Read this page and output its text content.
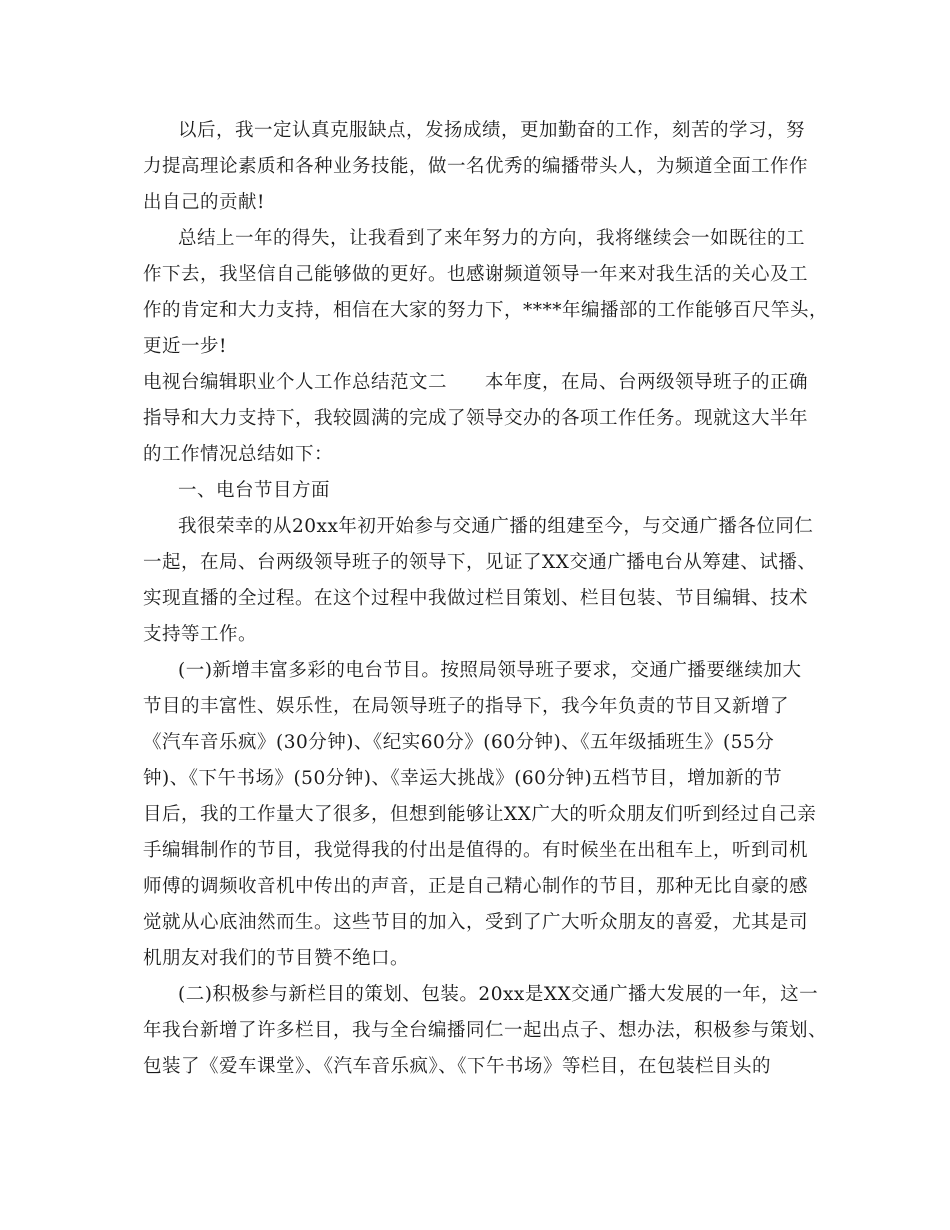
以后，我一定认真克服缺点，发扬成绩，更加勤奋的工作，刻苦的学习，努
力提高理论素质和各种业务技能，做一名优秀的编播带头人，为频道全面工作作
出自己的贡献!
总结上一年的得失，让我看到了来年努力的方向，我将继续会一如既往的工
作下去，我坚信自己能够做的更好。也感谢频道领导一年来对我生活的关心及工
作的肯定和大力支持，相信在大家的努力下，****年编播部的工作能够百尺竿头，
更近一步!
电视台编辑职业个人工作总结范文二　　本年度，在局、台两级领导班子的正确
指导和大力支持下，我较圆满的完成了领导交办的各项工作任务。现就这大半年
的工作情况总结如下：
一、电台节目方面
我很荣幸的从20xx年初开始参与交通广播的组建至今，与交通广播各位同仁
一起，在局、台两级领导班子的领导下，见证了XX交通广播电台从筹建、试播、
实现直播的全过程。在这个过程中我做过栏目策划、栏目包装、节目编辑、技术
支持等工作。
(一)新增丰富多彩的电台节目。按照局领导班子要求，交通广播要继续加大
节目的丰富性、娱乐性，在局领导班子的指导下，我今年负责的节目又新增了
《汽车音乐疯》(30分钟)、《纪实60分》(60分钟)、《五年级插班生》(55分
钟)、《下午书场》(50分钟)、《幸运大挑战》(60分钟)五档节目，增加新的节
目后，我的工作量大了很多，但想到能够让XX广大的听众朋友们听到经过自己亲
手编辑制作的节目，我觉得我的付出是值得的。有时候坐在出租车上，听到司机
师傅的调频收音机中传出的声音，正是自己精心制作的节目，那种无比自豪的感
觉就从心底油然而生。这些节目的加入，受到了广大听众朋友的喜爱，尤其是司
机朋友对我们的节目赞不绝口。
(二)积极参与新栏目的策划、包装。20xx是XX交通广播大发展的一年，这一
年我台新增了许多栏目，我与全台编播同仁一起出点子、想办法，积极参与策划、
包装了《爱车课堂》、《汽车音乐疯》、《下午书场》等栏目，在包装栏目头的
